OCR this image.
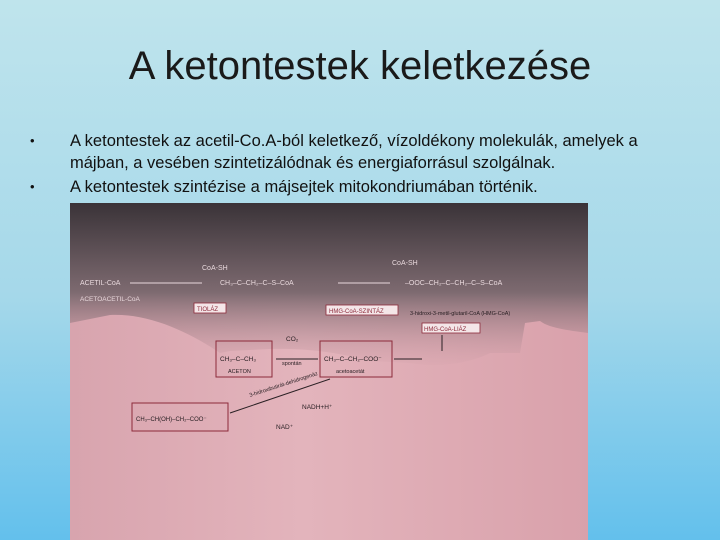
A ketontestek keletkezése
• A ketontestek az acetil-Co.A-ból keletkező, vízoldékony molekulák, amelyek a májban, a vesében szintetizálódnak és energiaforrásul szolgálnak.
• A ketontestek szintézise a májsejtek mitokondriumában történik.
ACETIL-CoA
CoA-SH
CoA-SH
ACETOACETIL-CoA
CH₃–C–CH₂–C–S–CoA	–OOC–CH₂–C–CH₂–C–S–CoA
TIOLÁZ	HMG-CoA-SZINTÁZ	3-hidroxi-3-metil-glutaril-CoA (HMG-CoA)
HMG-CoA-LIÁZ
CH₃–C–CH₃
ACETON
CH₃–C–CH₂–COO⁻
acetoacetát
CO₂
spontán
3-hidroxibutirát-dehidrogenáz
NADH+H⁺
NAD⁺
CH₃–CH(OH)–CH₂–COO⁻
